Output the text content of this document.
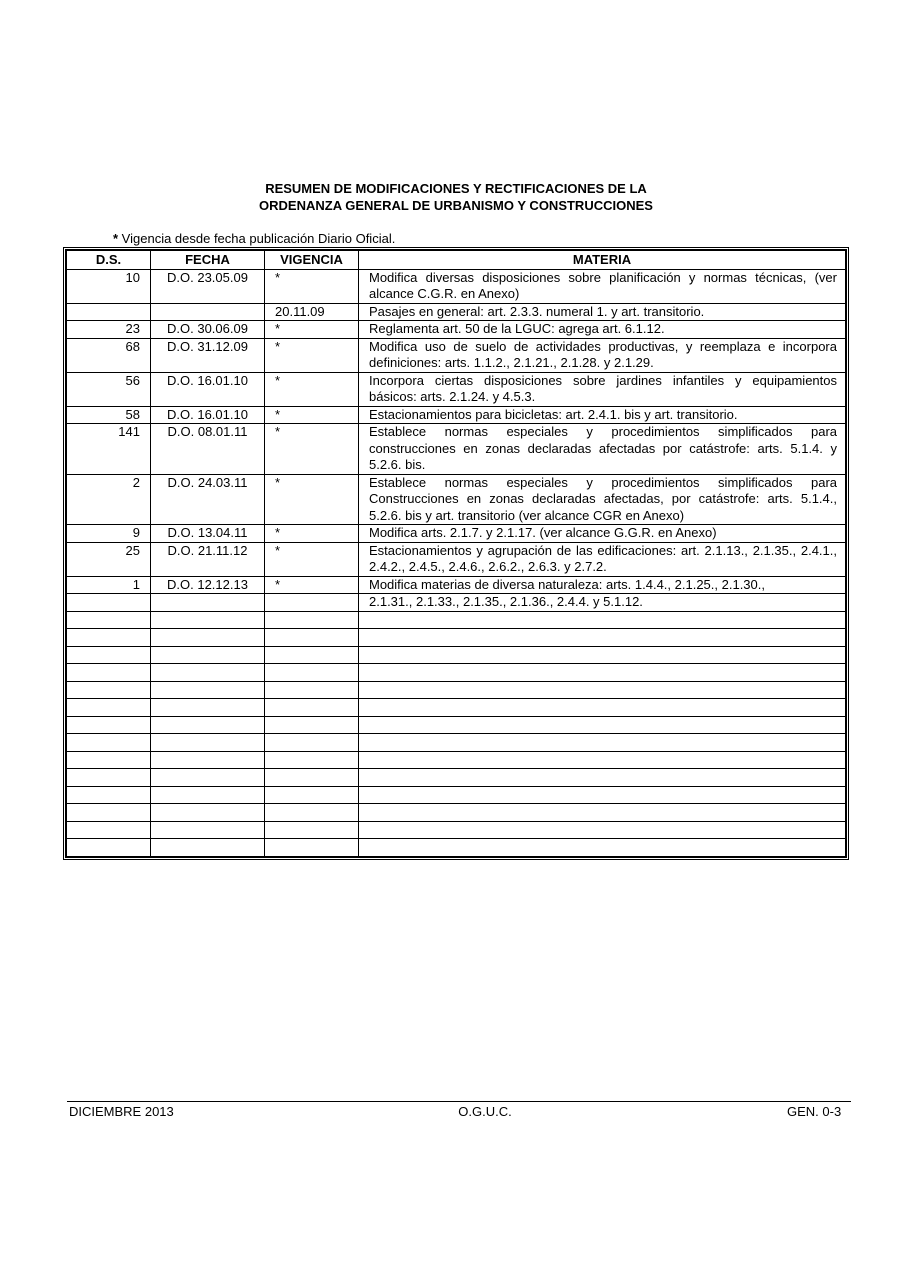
RESUMEN DE MODIFICACIONES Y RECTIFICACIONES DE LA
ORDENANZA GENERAL DE URBANISMO Y CONSTRUCCIONES
* Vigencia desde fecha publicación Diario Oficial.
D.S.	FECHA	VIGENCIA	MATERIA
10	D.O. 23.05.09	*	Modifica diversas disposiciones sobre planificación y normas técnicas, (ver alcance C.G.R. en Anexo)
		20.11.09	Pasajes en general: art. 2.3.3. numeral 1. y art. transitorio.
23	D.O. 30.06.09	*	Reglamenta art. 50 de la LGUC: agrega art. 6.1.12.
68	D.O. 31.12.09	*	Modifica uso de suelo de actividades productivas, y reemplaza e incorpora definiciones: arts. 1.1.2., 2.1.21., 2.1.28. y 2.1.29.
56	D.O. 16.01.10	*	Incorpora ciertas disposiciones sobre jardines infantiles y equipamientos básicos: arts. 2.1.24. y 4.5.3.
58	D.O. 16.01.10	*	Estacionamientos para bicicletas: art. 2.4.1. bis y art. transitorio.
141	D.O. 08.01.11	*	Establece normas especiales y procedimientos simplificados para construcciones en zonas declaradas afectadas por catástrofe: arts. 5.1.4. y 5.2.6. bis.
2	D.O. 24.03.11	*	Establece normas especiales y procedimientos simplificados para Construcciones en zonas declaradas afectadas, por catástrofe: arts. 5.1.4., 5.2.6. bis y art. transitorio (ver alcance CGR en Anexo)
9	D.O. 13.04.11	*	Modifica arts. 2.1.7. y 2.1.17. (ver alcance G.G.R. en Anexo)
25	D.O. 21.11.12	*	Estacionamientos y agrupación de las edificaciones: art. 2.1.13., 2.1.35., 2.4.1., 2.4.2., 2.4.5., 2.4.6., 2.6.2., 2.6.3. y 2.7.2.
1	D.O. 12.12.13	*	Modifica materias de diversa naturaleza: arts. 1.4.4., 2.1.25., 2.1.30.,
			2.1.31., 2.1.33., 2.1.35., 2.1.36., 2.4.4. y 5.1.12.

DICIEMBRE 2013	O.G.U.C.	GEN. 0-3
